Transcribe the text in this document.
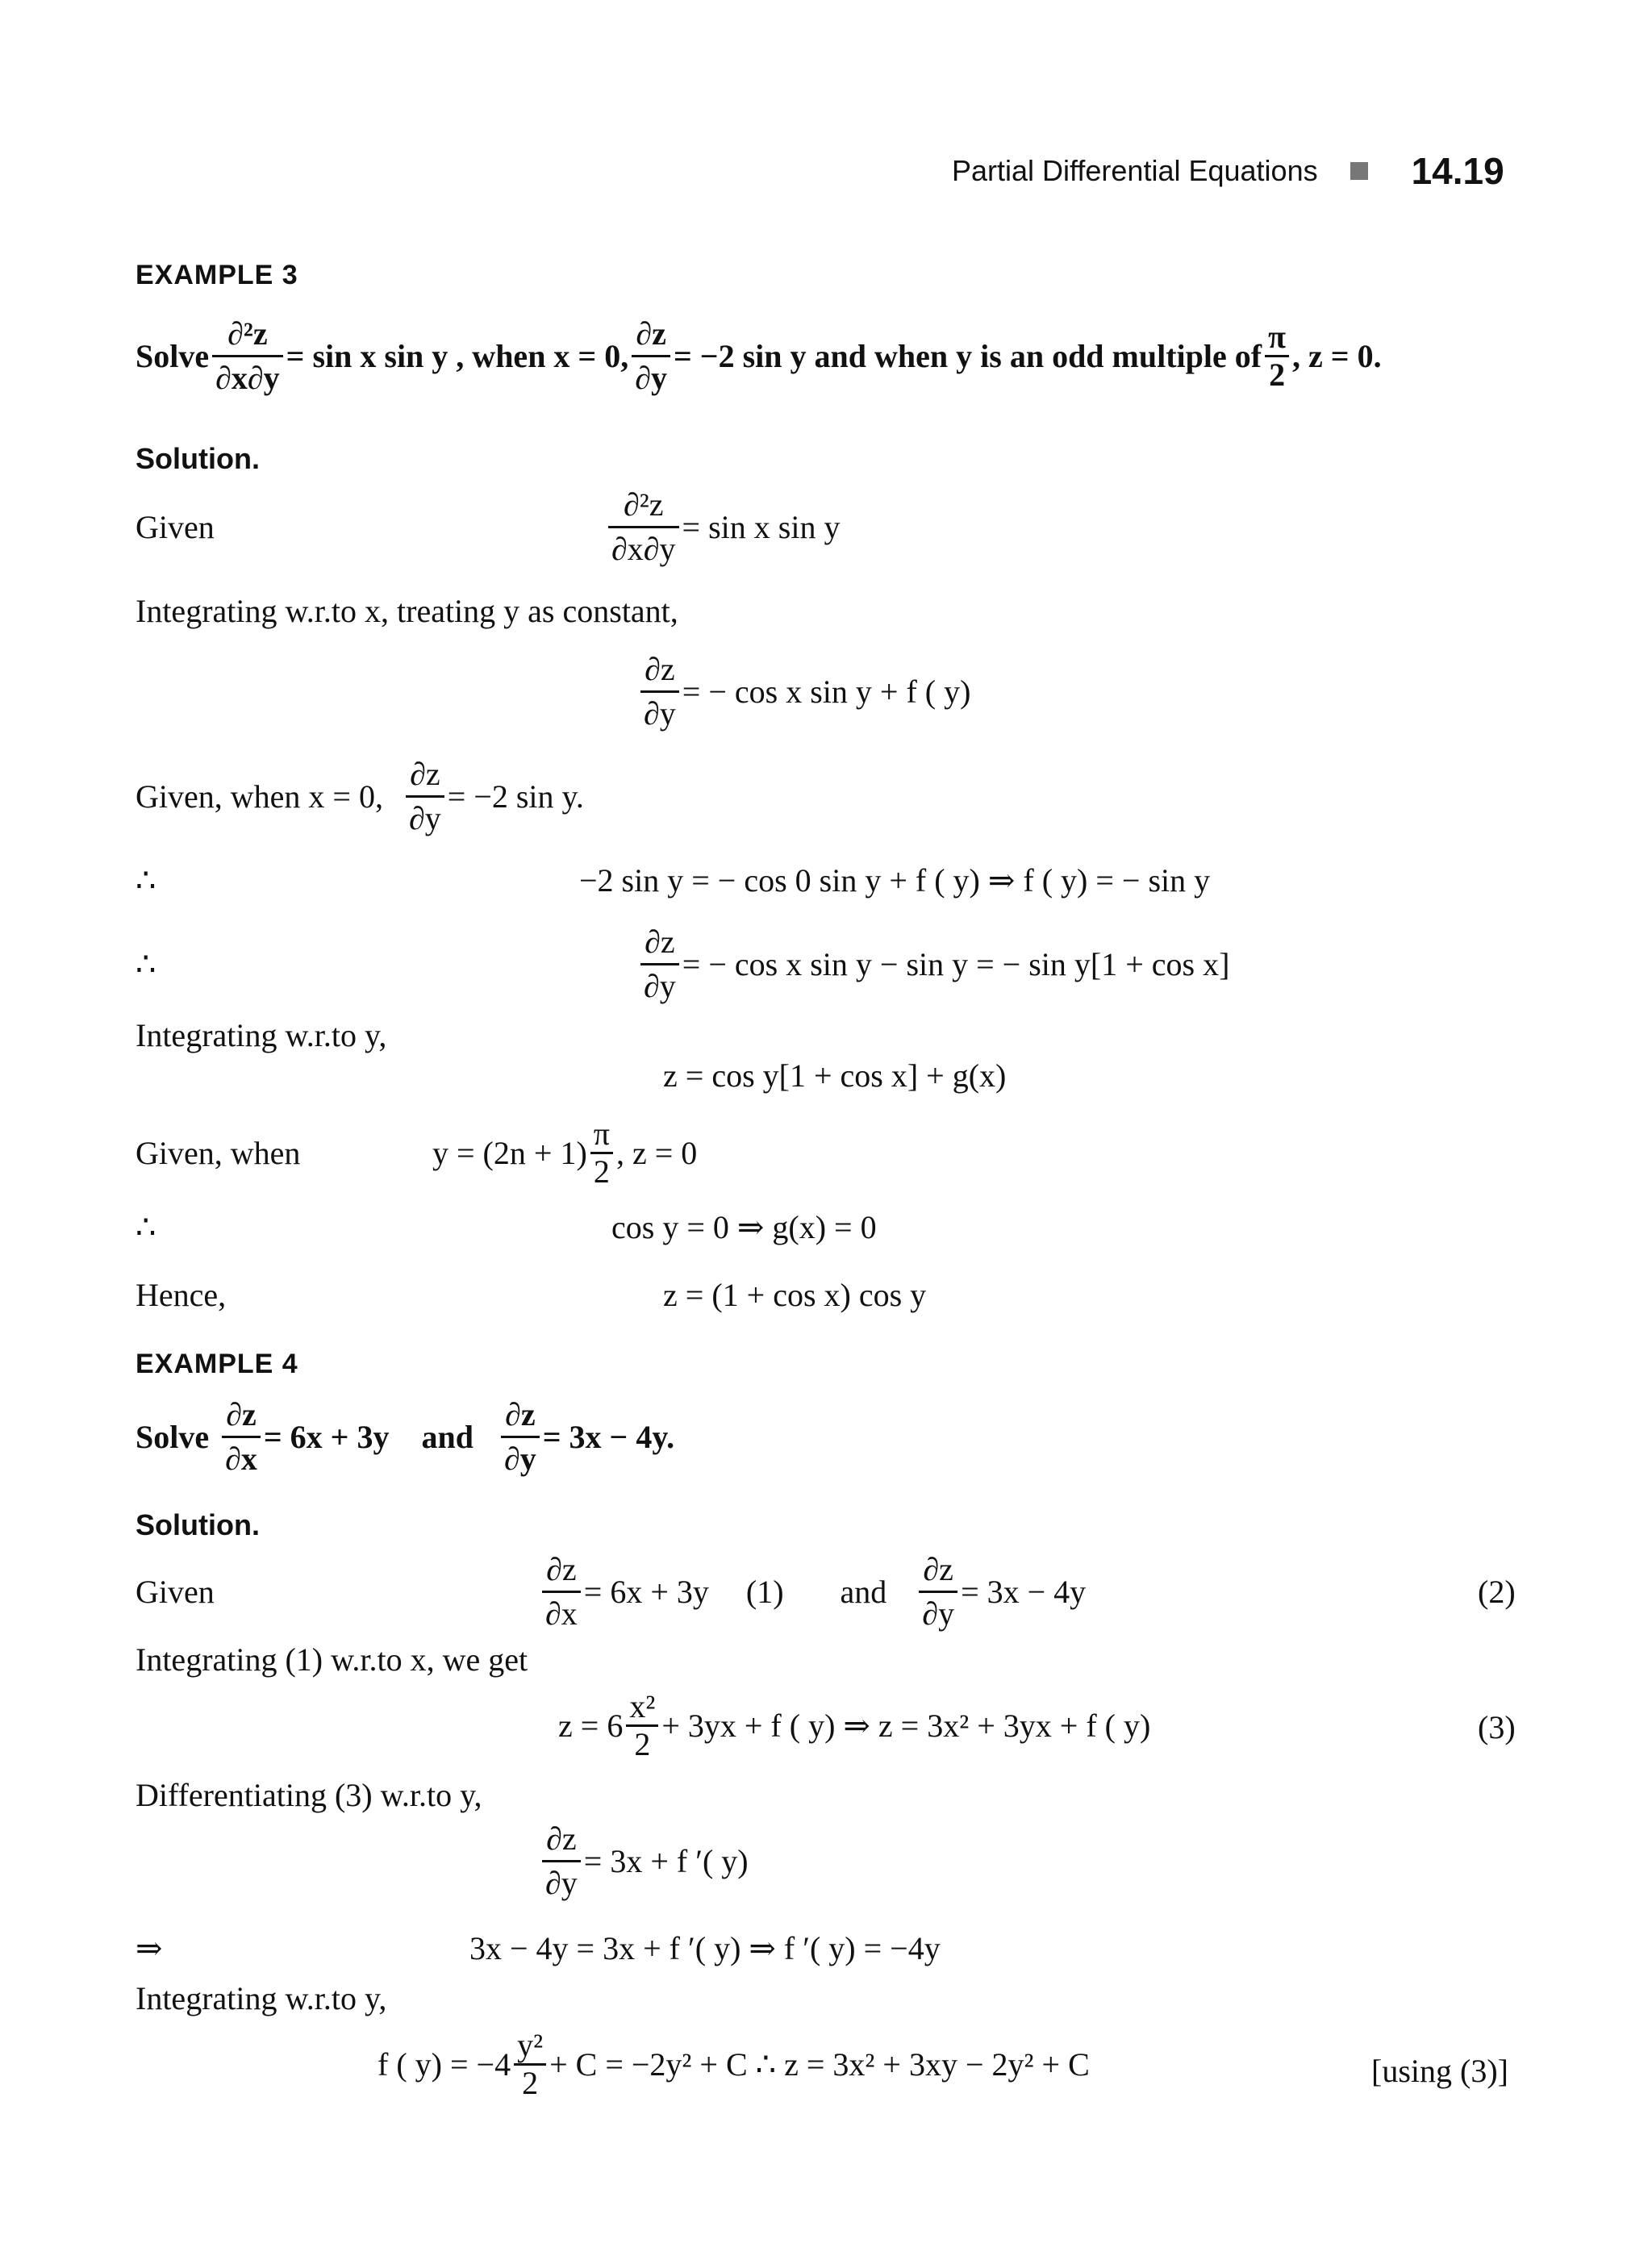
Partial Differential Equations	14.19
EXAMPLE 3
Solve $\frac{\text{∂²z}}{\partial x\partial y} = \sin x$ sin y , when x = 0, $\frac{\partial z}{\partial y} = -2$ sin y and when y is an odd multiple of $\frac{\pi}{2}$ , z = 0.
Solution.
Given	$\frac{\text{∂²z}}{\partial x\partial y} = \sin x$ sin y
Integrating w.r.to x, treating y as constant,
$\frac{\partial z}{\partial y}$ = − cos x sin y + f ( y)
Given, when x = 0, $\frac{\partial z}{\partial y} = -2$ sin y.
∴	−2 sin y = − cos 0 sin y + f ( y) ⇒ f ( y) = − sin y
∴	$\frac{\partial z}{\partial y}$ = − cos x sin y − sin y = − sin y[1 + cos x]
Integrating w.r.to y,
z = cos y[1 + cos x] + g(x)
Given, when	$y = (2n + 1) \frac{\pi}{2}$ , z = 0
∴	cos y = 0 ⇒ g(x) = 0
Hence,	z = (1 + cos x) cos y
EXAMPLE 4
Solve $\frac{\partial z}{\partial x} = 6x + 3y$ and $\frac{\partial z}{\partial y} = 3x - 4y$.
Solution.
Given	$\frac{\partial z}{\partial x} = 6x + 3y$ (1) and $\frac{\partial z}{\partial y} = 3x - 4y$	(2)
Integrating (1) w.r.to x, we get
$z = 6 \frac{\text{x²}}{2} + 3yx + f$ ( y) ⇒ z = 3x² + 3yx + f ( y)	(3)
Differentiating (3) w.r.to y,
$\frac{\partial z}{\partial y} = 3x + f$ ′( y)
⇒	3x − 4y = 3x + f ′( y) ⇒ f ′( y) = −4y
Integrating w.r.to y,
f ( $y) = -4 \frac{\text{y²}}{2} + C = -2y^2 + C$ ∴ z = 3x² + 3xy − 2y² + C	[using (3)]
